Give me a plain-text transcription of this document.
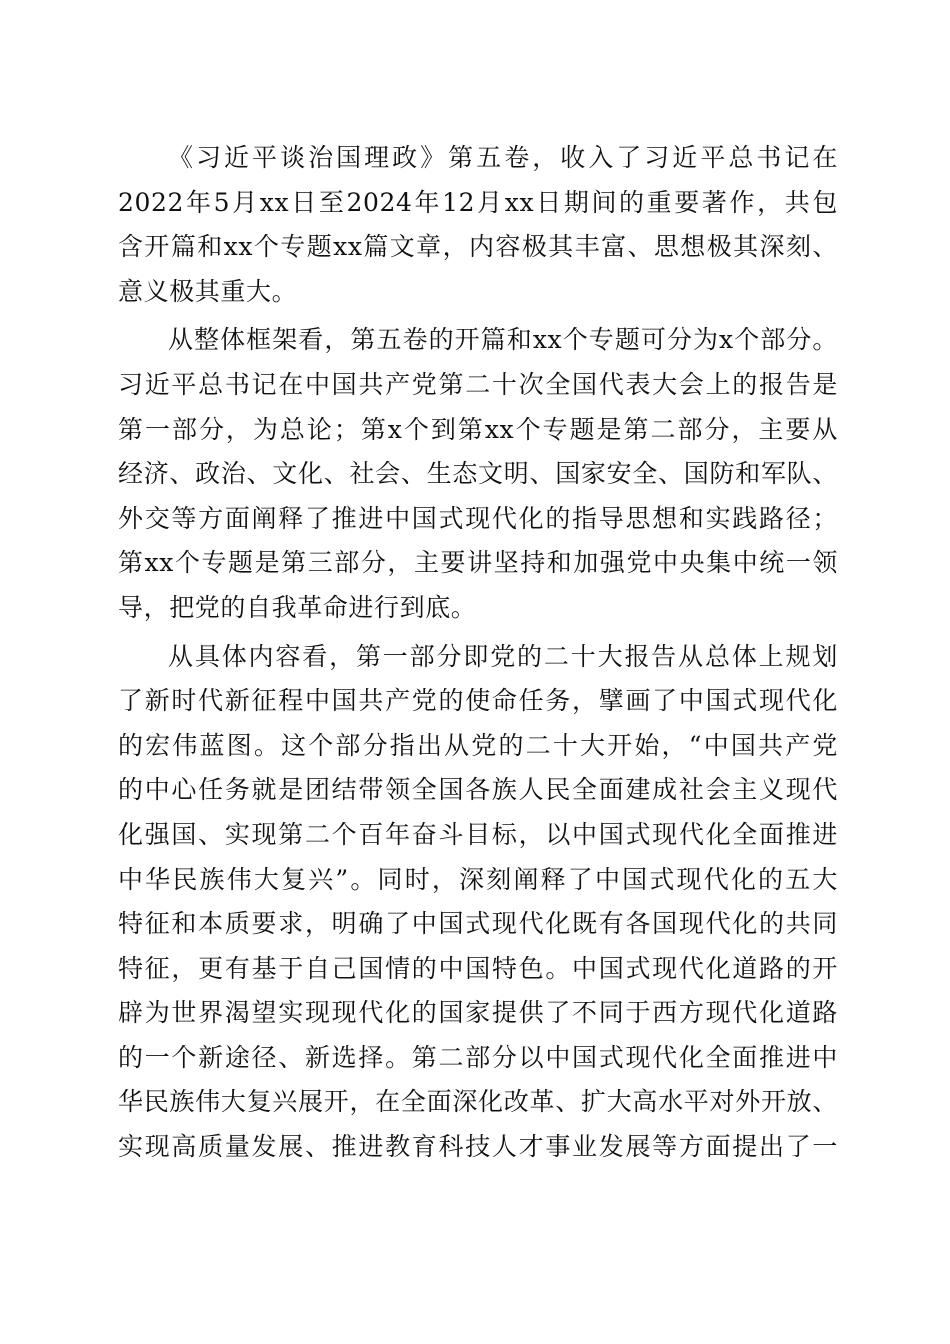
《习近平谈治国理政》第五卷，收入了习近平总书记在
2022年5月xx日至2024年12月xx日期间的重要著作，共包
含开篇和xx个专题xx篇文章，内容极其丰富、思想极其深刻、
意义极其重大。
从整体框架看，第五卷的开篇和xx个专题可分为x个部分。
习近平总书记在中国共产党第二十次全国代表大会上的报告是
第一部分，为总论；第x个到第xx个专题是第二部分，主要从
经济、政治、文化、社会、生态文明、国家安全、国防和军队、
外交等方面阐释了推进中国式现代化的指导思想和实践路径；
第xx个专题是第三部分，主要讲坚持和加强党中央集中统一领
导，把党的自我革命进行到底。
从具体内容看，第一部分即党的二十大报告从总体上规划
了新时代新征程中国共产党的使命任务，擘画了中国式现代化
的宏伟蓝图。这个部分指出从党的二十大开始，“中国共产党
的中心任务就是团结带领全国各族人民全面建成社会主义现代
化强国、实现第二个百年奋斗目标，以中国式现代化全面推进
中华民族伟大复兴”。同时，深刻阐释了中国式现代化的五大
特征和本质要求，明确了中国式现代化既有各国现代化的共同
特征，更有基于自己国情的中国特色。中国式现代化道路的开
辟为世界渴望实现现代化的国家提供了不同于西方现代化道路
的一个新途径、新选择。第二部分以中国式现代化全面推进中
华民族伟大复兴展开，在全面深化改革、扩大高水平对外开放、
实现高质量发展、推进教育科技人才事业发展等方面提出了一
